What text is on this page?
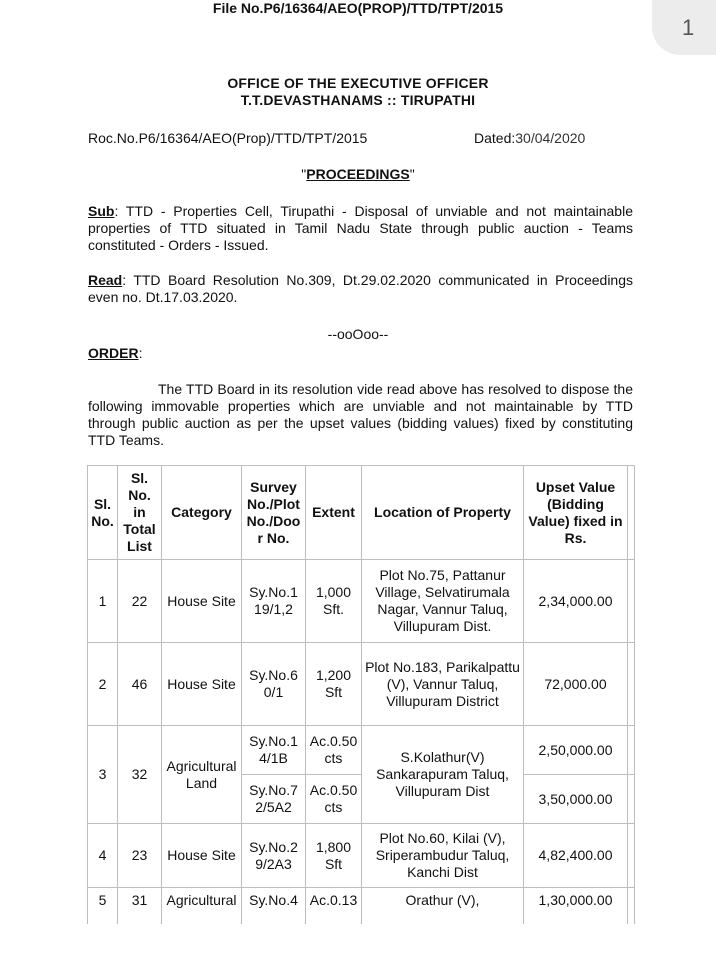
File No.P6/16364/AEO(PROP)/TTD/TPT/2015
1
OFFICE OF THE EXECUTIVE OFFICER
T.T.DEVASTHANAMS :: TIRUPATHI
Roc.No.P6/16364/AEO(Prop)/TTD/TPT/2015	Dated:30/04/2020
"PROCEEDINGS"
Sub: TTD - Properties Cell, Tirupathi - Disposal of unviable and not maintainable properties of TTD situated in Tamil Nadu State through public auction - Teams constituted - Orders - Issued.
Read: TTD Board Resolution No.309, Dt.29.02.2020 communicated in Proceedings even no. Dt.17.03.2020.
--ooOoo--
ORDER:
The TTD Board in its resolution vide read above has resolved to dispose the following immovable properties which are unviable and not maintainable by TTD through public auction as per the upset values (bidding values) fixed by constituting TTD Teams.
Sl. No.	Sl. No. in Total List	Category	Survey No./Plot No./Doo r No.	Extent	Location of Property	Upset Value (Bidding Value) fixed in Rs.	
1	22	House Site	Sy.No.1 19/1,2	1,000 Sft.	Plot No.75, Pattanur Village, Selvatirumala Nagar, Vannur Taluq, Villupuram Dist.	2,34,000.00	
2	46	House Site	Sy.No.6 0/1	1,200 Sft	Plot No.183, Parikalpattu (V), Vannur Taluq, Villupuram District	72,000.00	
3	32	Agricultural Land	Sy.No.1 4/1B	Ac.0.50 cts	S.Kolathur(V) Sankarapuram Taluq, Villupuram Dist	2,50,000.00	
			Sy.No.7 2/5A2	Ac.0.50 cts		3,50,000.00	
4	23	House Site	Sy.No.2 9/2A3	1,800 Sft	Plot No.60, Kilai (V), Sriperambudur Taluq, Kanchi Dist	4,82,400.00	
5	31	Agricultural	Sy.No.4	Ac.0.13	Orathur (V),	1,30,000.00	
